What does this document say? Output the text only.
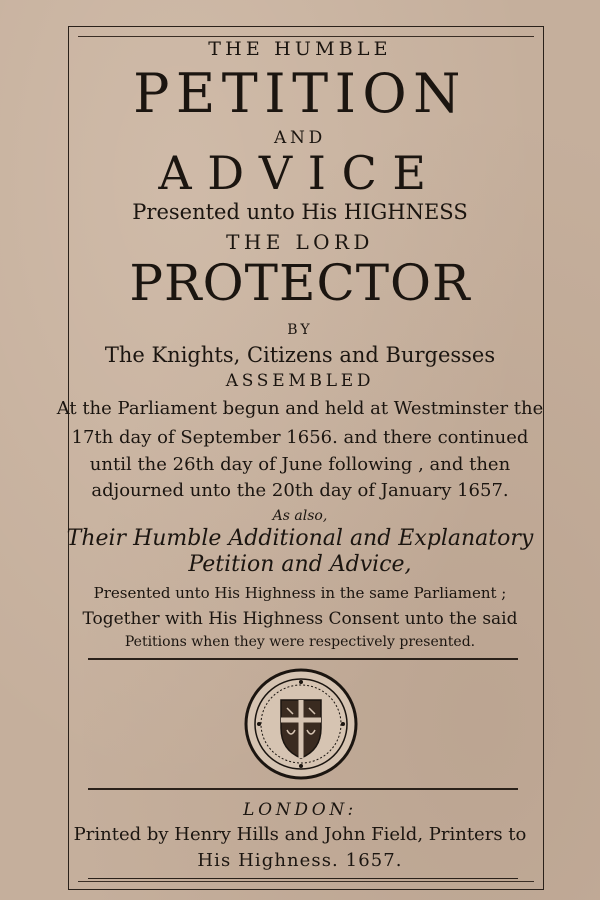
THE HUMBLE
PETITION
AND
ADVICE
Presented unto His HIGHNESS
THE LORD
PROTECTOR
BY
The Knights, Citizens and Burgesses
ASSEMBLED
At the Parliament begun and held at Westminster the
17th day of September 1656. and there continued
until the 26th day of June following , and then
adjourned unto the 20th day of January 1657.
As also,
Their Humble Additional and Explanatory
Petition and Advice,
Presented unto His Highness in the same Parliament ;
Together with His Highness Consent unto the said
Petitions when they were respectively presented.
LONDON:
Printed by Henry Hills and John Field, Printers to
His Highness. 1657.
